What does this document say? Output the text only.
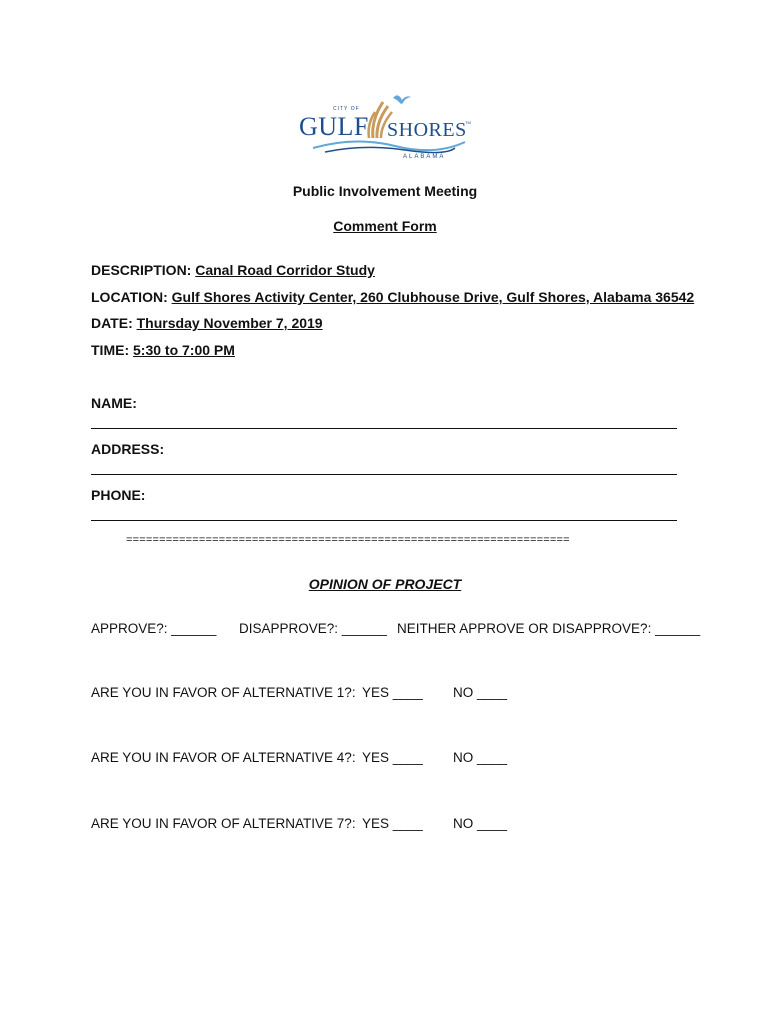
CITY OF
GULF SHORES
TM
ALABAMA
Public Involvement Meeting
Comment Form
DESCRIPTION: Canal Road Corridor Study
LOCATION: Gulf Shores Activity Center, 260 Clubhouse Drive, Gulf Shores, Alabama 36542
DATE: Thursday November 7, 2019
TIME: 5:30 to 7:00 PM
NAME:
ADDRESS:
PHONE:
===================================================================
OPINION OF PROJECT
APPROVE?: ______ DISAPPROVE?: ______ NEITHER APPROVE OR DISAPPROVE?: ______
ARE YOU IN FAVOR OF ALTERNATIVE 1?: YES ____ NO ____
ARE YOU IN FAVOR OF ALTERNATIVE 4?: YES ____ NO ____
ARE YOU IN FAVOR OF ALTERNATIVE 7?: YES ____ NO ____
